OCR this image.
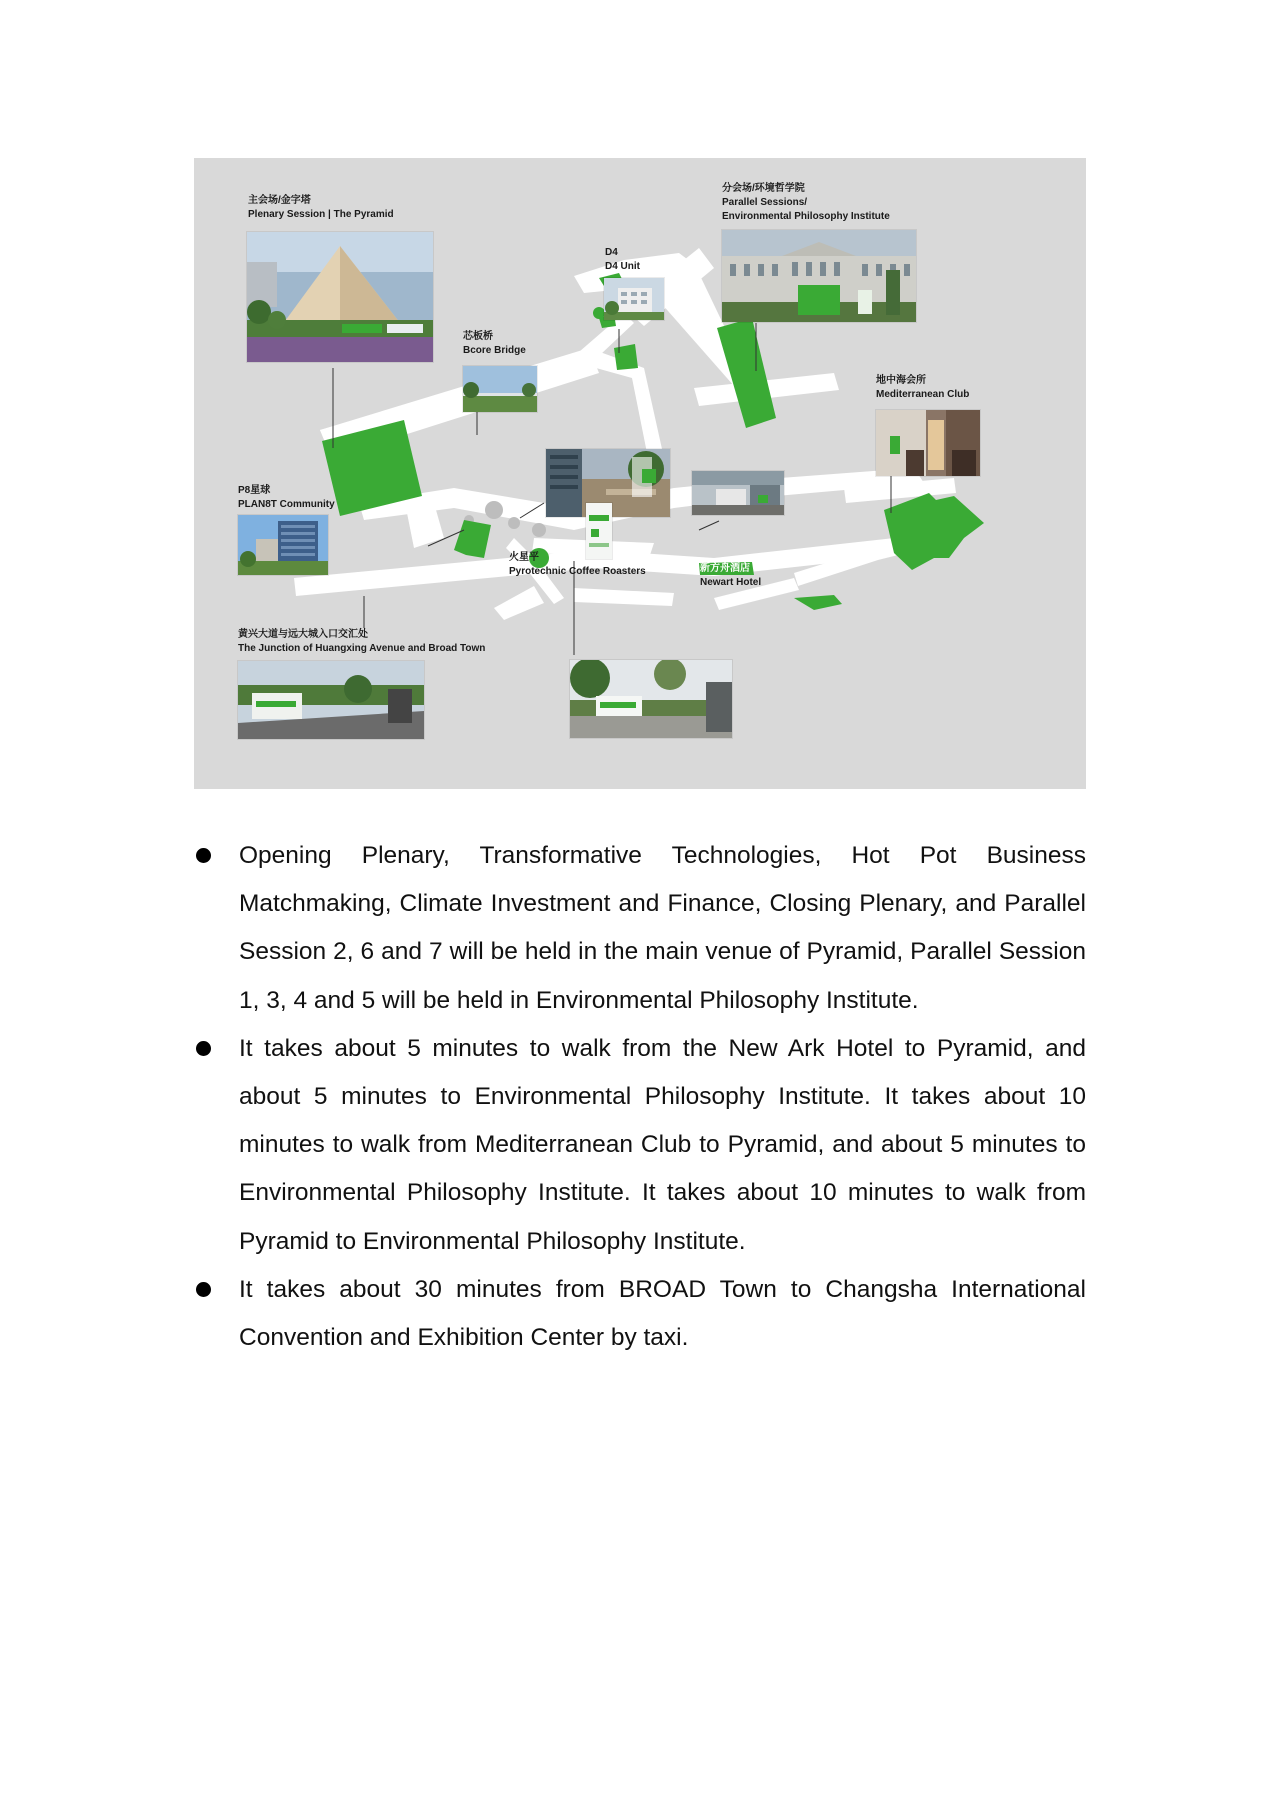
主会场/金字塔
Plenary Session | The Pyramid
分会场/环境哲学院
Parallel Sessions/
Environmental Philosophy Institute
D4
D4 Unit
芯板桥
Bcore Bridge
地中海会所
Mediterranean Club
P8星球
PLAN8T Community
火星平
Pyrotechnic Coffee Roasters	新方舟酒店
Newart Hotel
黄兴大道与远大城入口交汇处
The Junction of Huangxing Avenue and Broad Town
Opening Plenary, Transformative Technologies, Hot Pot Business Matchmaking, Climate Investment and Finance, Closing Plenary, and Parallel Session 2, 6 and 7 will be held in the main venue of Pyramid, Parallel Session 1, 3, 4 and 5 will be held in Environmental Philosophy Institute.
It takes about 5 minutes to walk from the New Ark Hotel to Pyramid, and about 5 minutes to Environmental Philosophy Institute. It takes about 10 minutes to walk from Mediterranean Club to Pyramid, and about 5 minutes to Environmental Philosophy Institute. It takes about 10 minutes to walk from Pyramid to Environmental Philosophy Institute.
It takes about 30 minutes from BROAD Town to Changsha International Convention and Exhibition Center by taxi.
